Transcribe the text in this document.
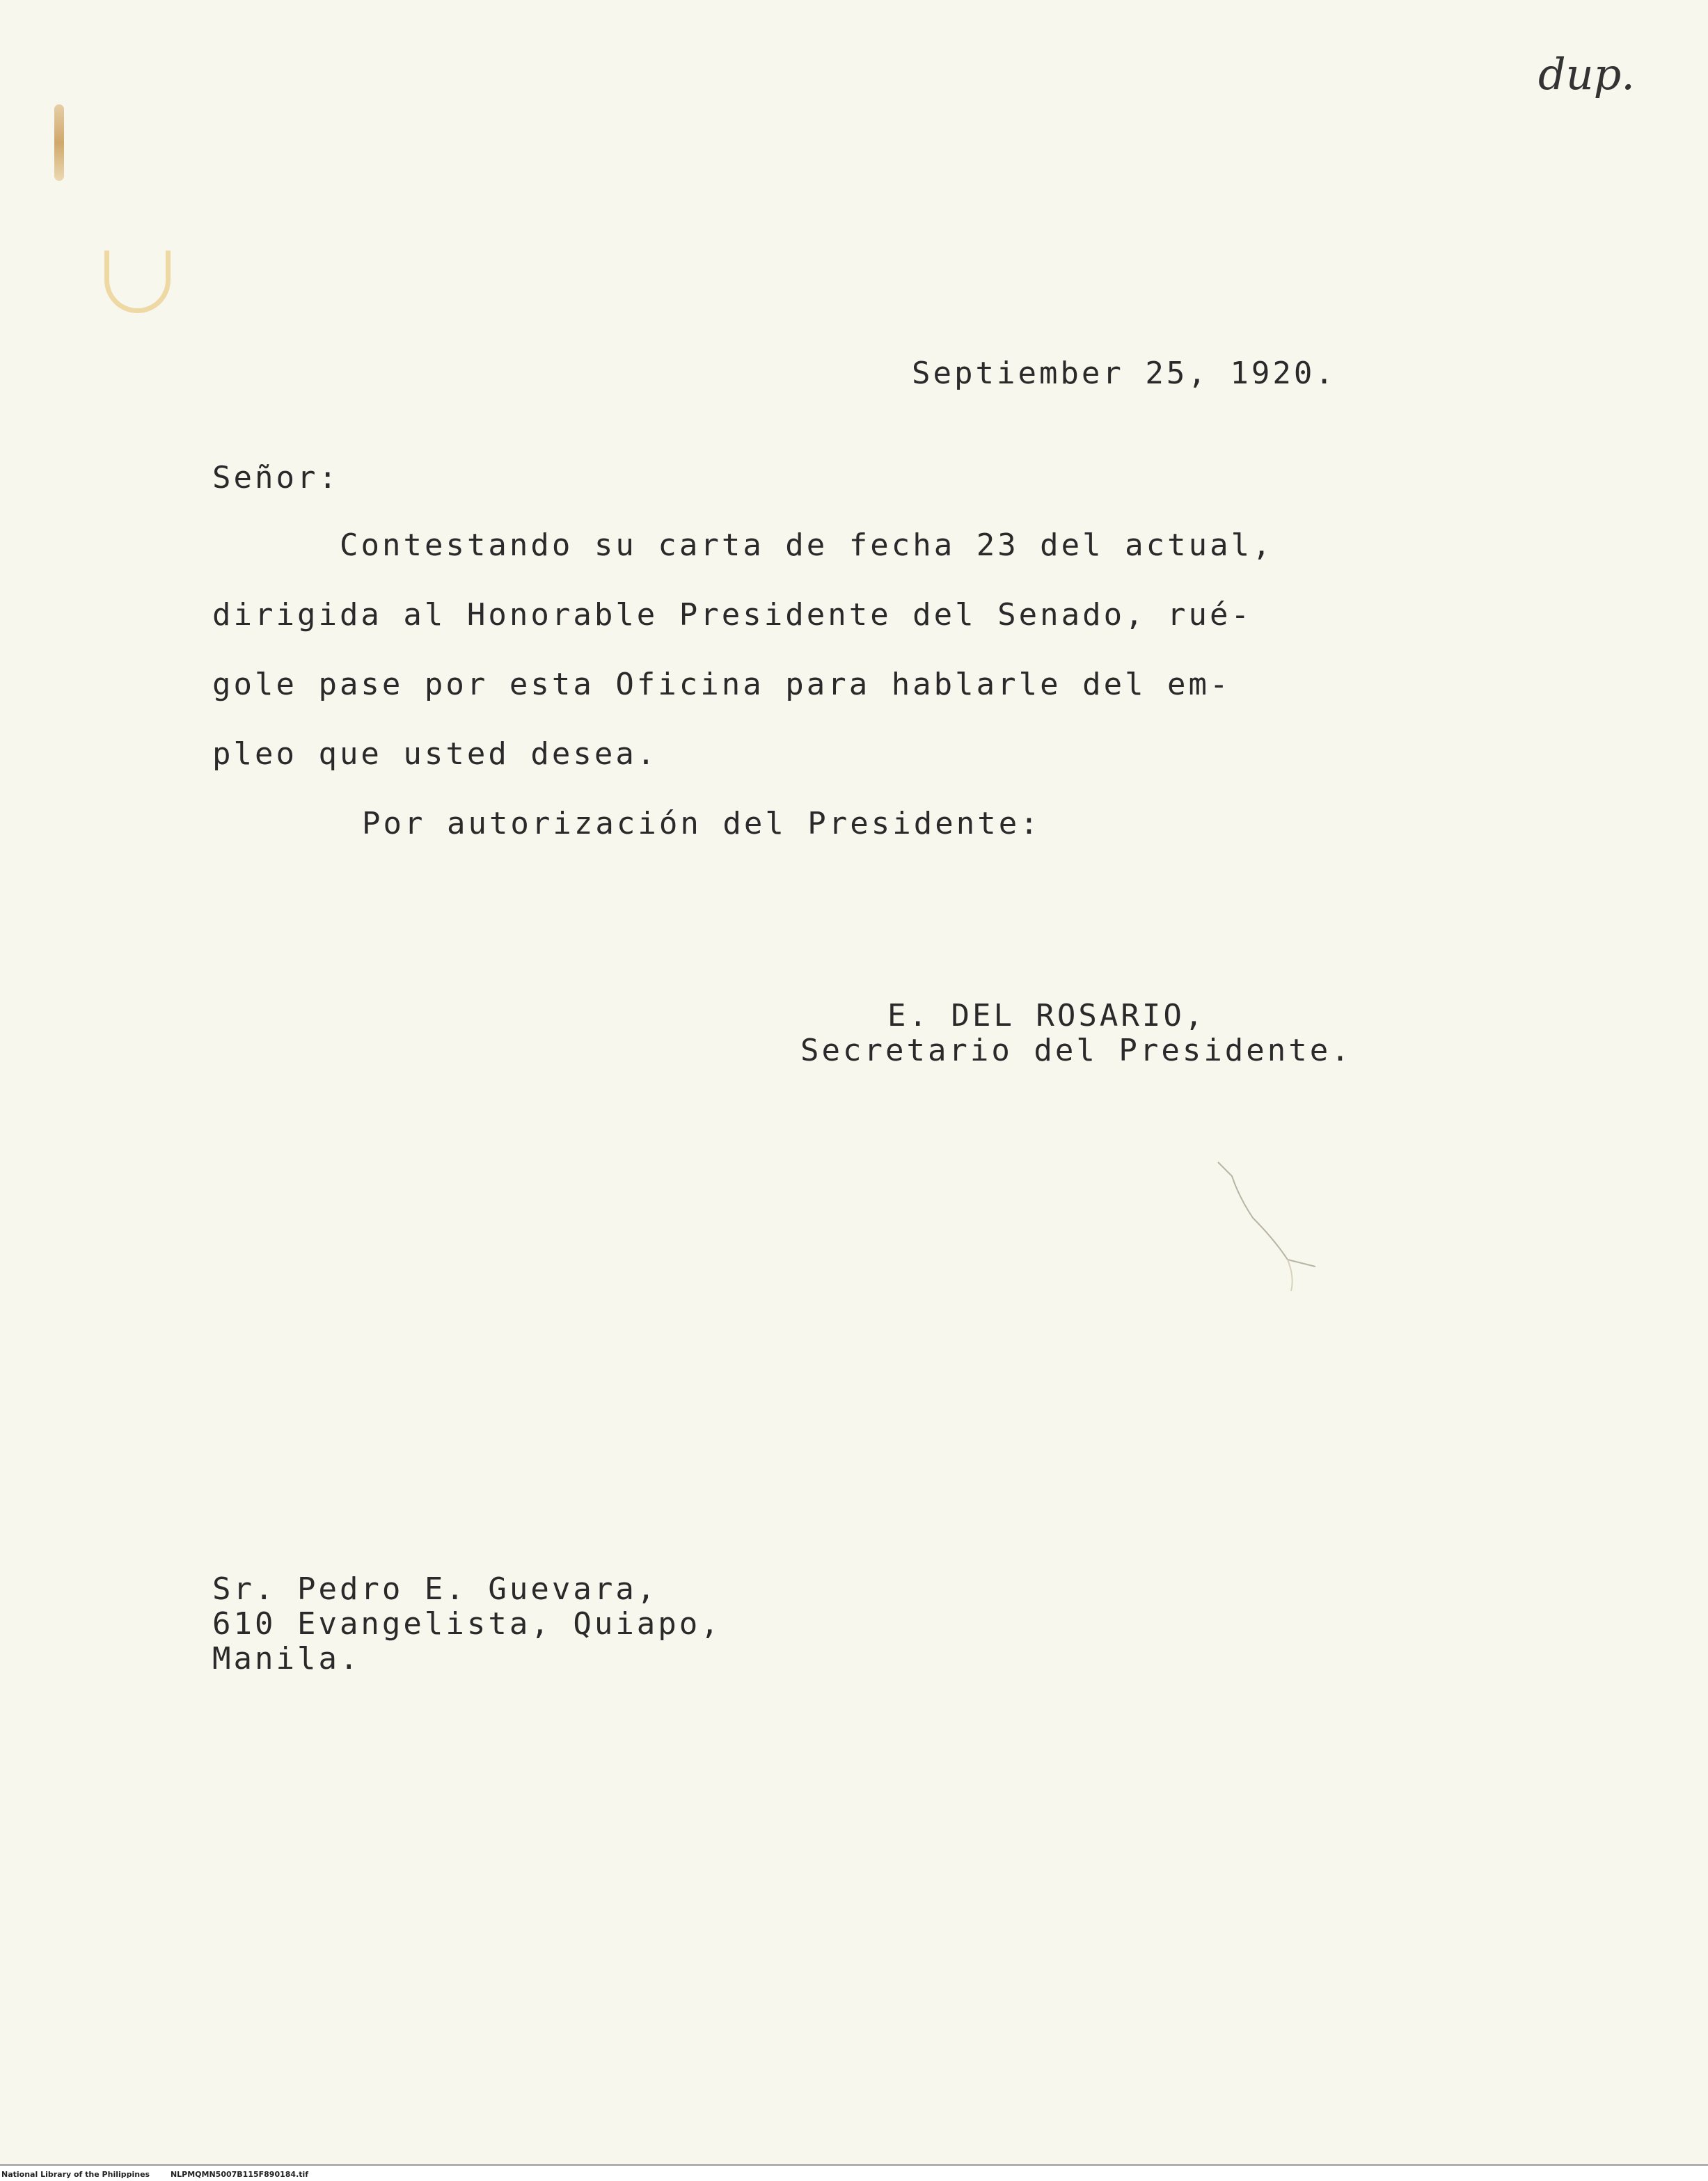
dup.
Septiember 25, 1920.
Señor:
Contestando su carta de fecha 23 del actual,
dirigida al Honorable Presidente del Senado, rué-
gole pase por esta Oficina para hablarle del em-
pleo que usted desea.
Por autorización del Presidente:
E. DEL ROSARIO,
Secretario del Presidente.
Sr. Pedro E. Guevara,
610 Evangelista, Quiapo,
Manila.
National Library of the Philippines	NLPMQMN5007B115F890184.tif
